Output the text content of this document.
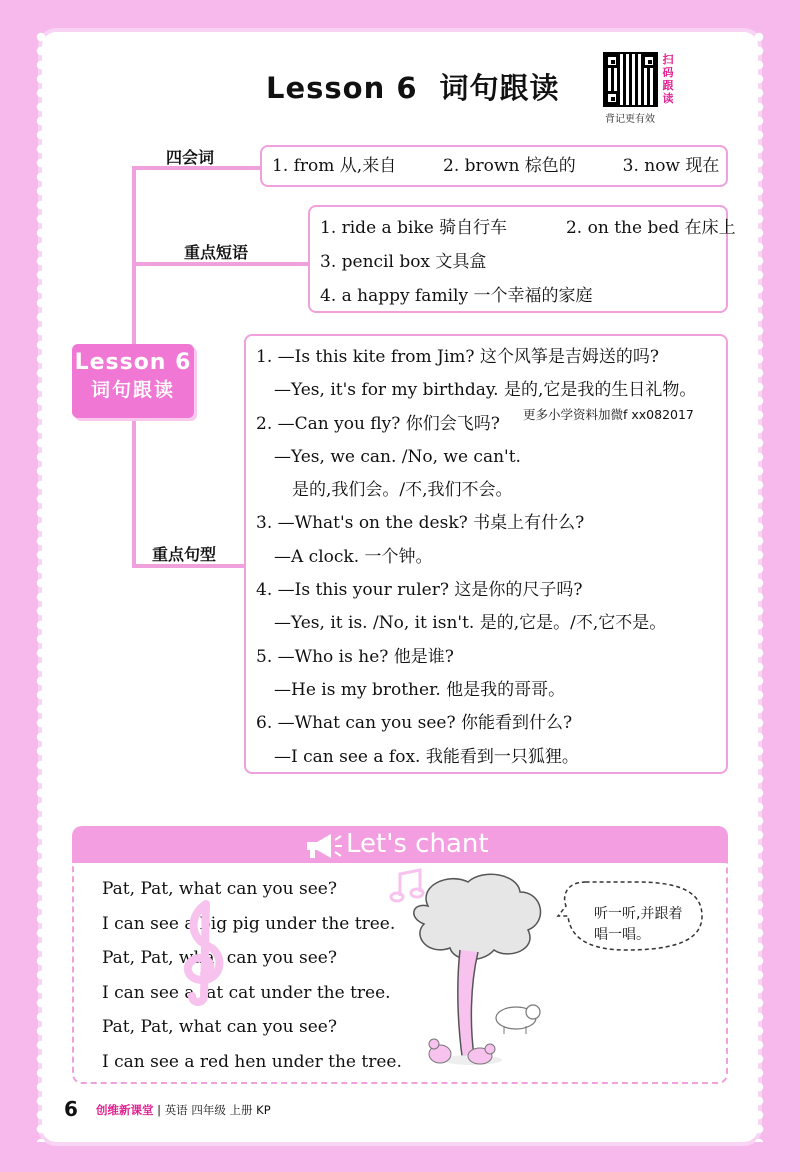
Lesson 6 词句跟读
扫
码
跟
读
背记更有效
四会词
重点短语
重点句型
1. from 从,来自	2. brown 棕色的	3. now 现在
1. ride a bike 骑自行车	2. on the bed 在床上
3. pencil box 文具盒
4. a happy family 一个幸福的家庭
Lesson 6
词句跟读
1. —Is this kite from Jim? 这个风筝是吉姆送的吗?
—Yes, it's for my birthday. 是的,它是我的生日礼物。
2. —Can you fly? 你们会飞吗?
—Yes, we can. /No, we can't.
是的,我们会。/不,我们不会。
3. —What's on the desk? 书桌上有什么?
—A clock. 一个钟。
4. —Is this your ruler? 这是你的尺子吗?
—Yes, it is. /No, it isn't. 是的,它是。/不,它不是。
5. —Who is he? 他是谁?
—He is my brother. 他是我的哥哥。
6. —What can you see? 你能看到什么?
—I can see a fox. 我能看到一只狐狸。
更多小学资料加微f xx082017
Let's chant
Pat, Pat, what can you see?
I can see a big pig under the tree.
Pat, Pat, what can you see?
I can see a fat cat under the tree.
Pat, Pat, what can you see?
I can see a red hen under the tree.
听一听,并跟着唱一唱。
6 创维新课堂 | 英语 四年级 上册 KP
